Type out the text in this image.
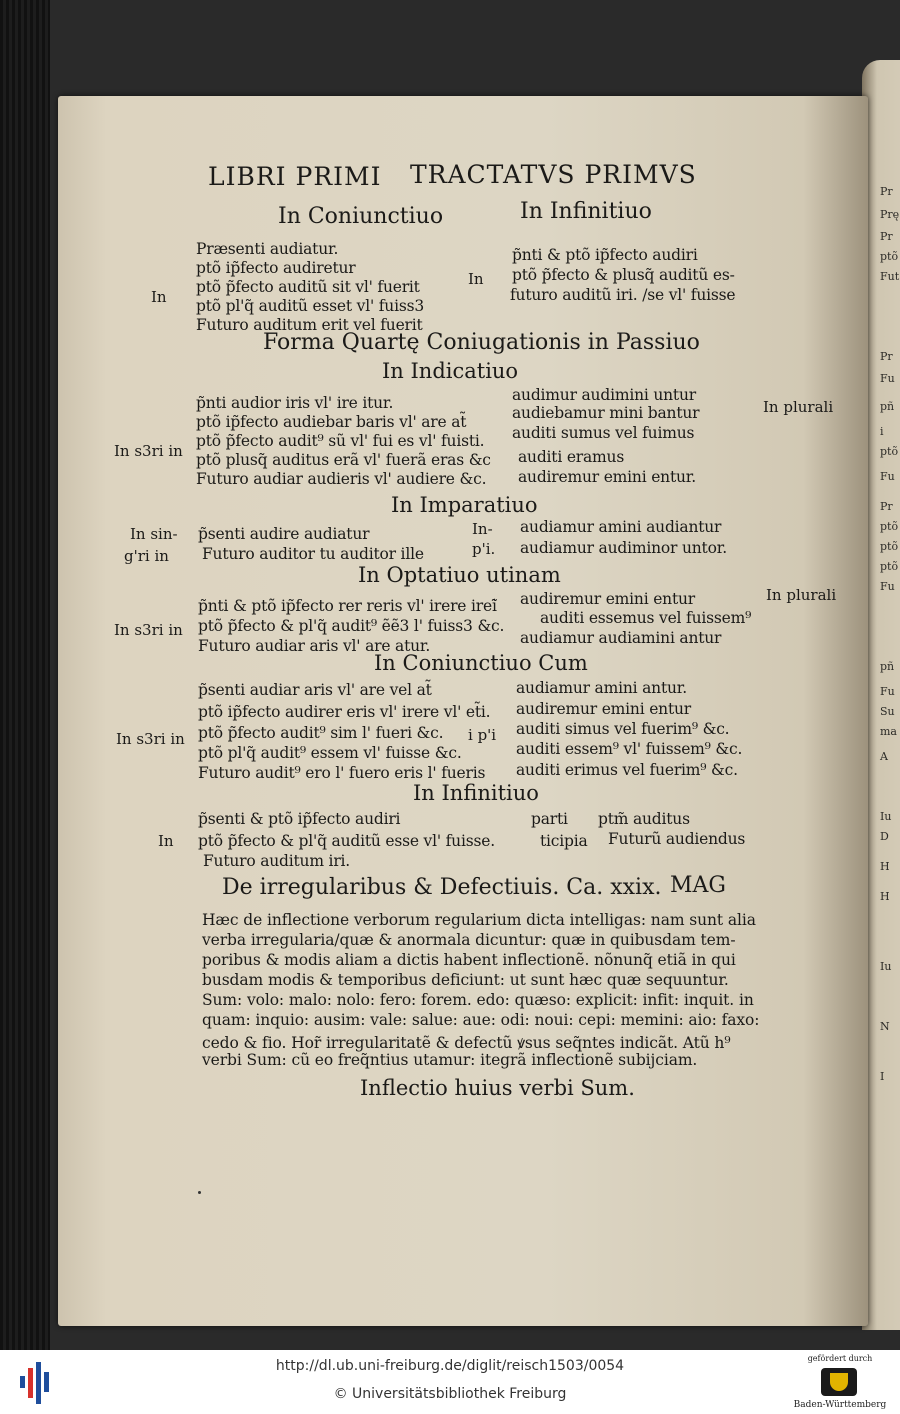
Pr
Prę
Pr
ptõ
Fut
Pr
Fu
pñ
i
ptõ
Fu
Pr
ptõ
ptõ
ptõ
Fu
pñ
Fu
Su
ma
A
Iu
D
H
H
Iu
N
I
LIBRI PRIMI TRACTATVS PRIMVS
In Coniunctiuo	In Infinitiuo
In
In
Præsenti audiatur.
ptõ ip̃fecto audiretur
ptõ p̃fecto auditũ sit vl' fuerit
ptõ pl'q̃ auditũ esset vl' fuiss3
Futuro auditum erit vel fuerit
p̃nti & ptõ ip̃fecto audiri
ptõ p̃fecto & plusq̃ auditũ es‑
futuro auditũ iri. /se vl' fuisse
Forma Quartę Coniugationis in Passiuo
In Indicatiuo
In s3ri in
In plurali
p̃nti audior iris vl' ire itur.
ptõ ip̃fecto audiebar baris vl' are at̃
ptõ p̃fecto audit⁹ sũ vl' fui es vl' fuisti.
ptõ plusq̃ auditus erã vl' fuerã eras &c
Futuro audiar audieris vl' audiere &c.
audimur audimini untur
audiebamur mini bantur
auditi sumus vel fuimus
auditi eramus
audiremur emini entur.
In Imparatiuo
In sin‑
g'ri in
In‑
p'i.
p̃senti audire audiatur
Futuro auditor tu auditor ille
audiamur amini audiantur
audiamur audiminor untor.
In Optatiuo utinam
In s3ri in
In plurali
p̃nti & ptõ ip̃fecto rer reris vl' irere irei̇̃
ptõ p̃fecto & pl'q̃ audit⁹ ẽẽ3 l' fuiss3 &c.
Futuro audiar aris vl' are atur.
audiremur emini entur
auditi essemus vel fuissem⁹
audiamur audiamini antur
In Coniunctiuo Cum
In s3ri in	i p'i
p̃senti audiar aris vl' are vel at̃
ptõ ip̃fecto audirer eris vl' irere vl' et̃i.
ptõ p̃fecto audit⁹ sim l' fueri &c.
ptõ pl'q̃ audit⁹ essem vl' fuisse &c.
Futuro audit⁹ ero l' fuero eris l' fueris
audiamur amini antur.
audiremur emini entur
auditi simus vel fuerim⁹ &c.
auditi essem⁹ vl' fuissem⁹ &c.
auditi erimus vel fuerim⁹ &c.
In Infinitiuo
In
p̃senti & ptõ ip̃fecto audiri
ptõ p̃fecto & pl'q̃ auditũ esse vl' fuisse.
Futuro auditum iri.
parti
ticipia
ptm̃ auditus
Futurũ audiendus
De irregularibus & Defectiuis. Ca. xxix. MAG
Hæc de inflectione verborum regularium dicta intelligas: nam sunt alia
verba irregularia/quæ & anormala dicuntur: quæ in quibusdam tem‑
poribus & modis aliam a dictis habent inflectionẽ. nõnunq̃ etiã in qui
busdam modis & temporibus deficiunt: ut sunt hæc quæ sequuntur.
Sum: volo: malo: nolo: fero: forem. edo: quæso: explicit: infit: inquit. in
quam: inquio: ausim: vale: salue: aue: odi: noui: cepi: memini: aio: faxo:
cedo & fio. Hor̃ irregularitatẽ & defectũ ꝟsus seq̃ntes indicãt. Atũ h⁹
verbi Sum: cũ eo freq̃ntius utamur: itegrã inflectionẽ subijciam.
Inflectio huius verbi Sum.
http://dl.ub.uni-freiburg.de/diglit/reisch1503/0054
© Universitätsbibliothek Freiburg
gefördert durch
Baden-Württemberg
